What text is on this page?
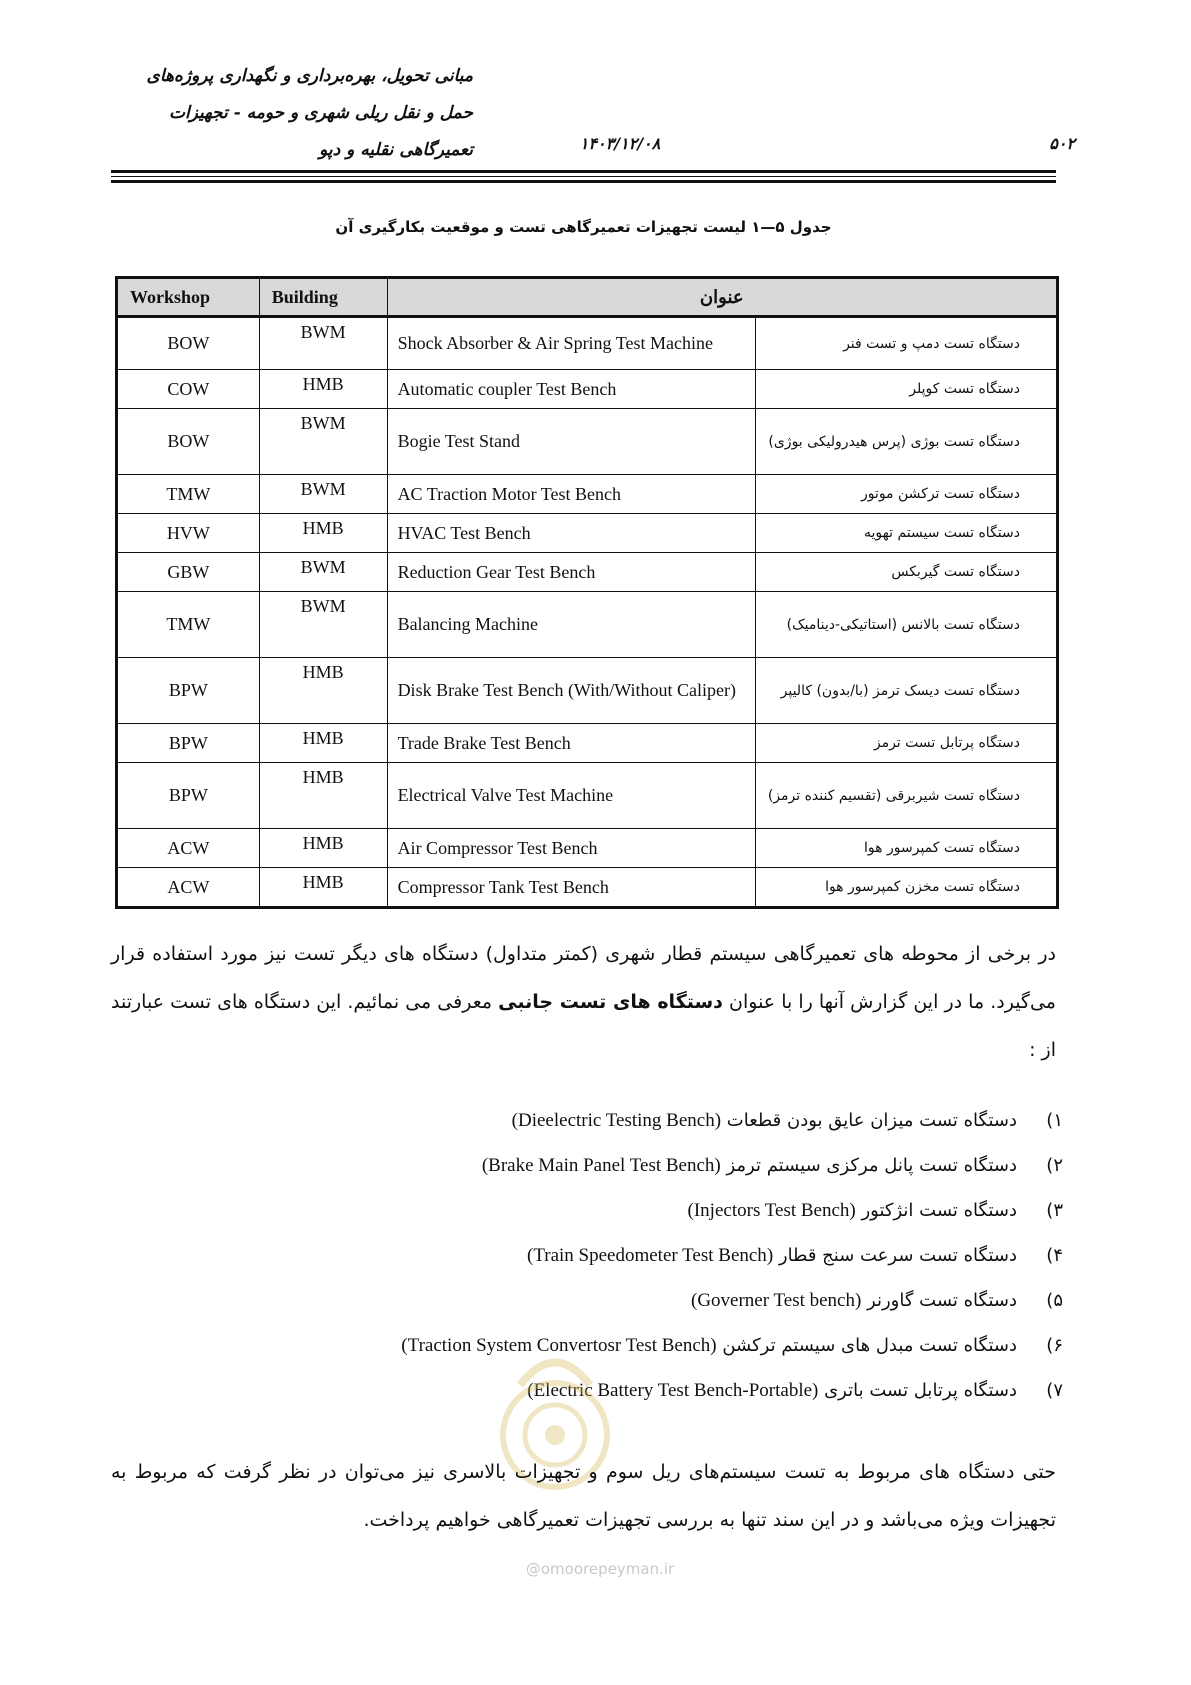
مبانی تحویل، بهره‌برداری و نگهداری پروژه‌های
حمل و نقل ریلی شهری و حومه - تجهیزات
تعمیرگاهی نقلیه و دپو	۱۴۰۳/۱۲/۰۸	۵۰۲
جدول ۵—۱ لیست تجهیزات تعمیرگاهی تست و موقعیت بکارگیری آن
Workshop	Building	عنوان	
BOW	BWM	Shock Absorber & Air Spring Test Machine	دستگاه تست دمپ و تست فنر
COW	HMB	Automatic coupler Test Bench	دستگاه تست کوپلر
BOW	BWM	Bogie Test Stand	دستگاه تست بوژی (پرس هیدرولیکی بوژی)
TMW	BWM	AC Traction Motor Test Bench	دستگاه تست ترکشن موتور
HVW	HMB	HVAC Test Bench	دستگاه تست سیستم تهویه
GBW	BWM	Reduction Gear Test Bench	دستگاه تست گیربکس
TMW	BWM	Balancing Machine	دستگاه تست بالانس (استاتیکی-دینامیک)
BPW	HMB	Disk Brake Test Bench (With/Without Caliper)	دستگاه تست دیسک ترمز (با/بدون) کالیپر
BPW	HMB	Trade Brake Test Bench	دستگاه پرتابل تست ترمز
BPW	HMB	Electrical Valve Test Machine	دستگاه تست شیربرقی (تقسیم کننده ترمز)
ACW	HMB	Air Compressor Test Bench	دستگاه تست کمپرسور هوا
ACW	HMB	Compressor Tank Test Bench	دستگاه تست مخزن کمپرسور هوا
در برخی از محوطه های تعمیرگاهی سیستم قطار شهری (کمتر متداول) دستگاه های دیگر تست نیز مورد استفاده قرار می‌گیرد. ما در این گزارش آنها را با عنوان دستگاه های تست جانبی معرفی می نمائیم. این دستگاه های تست عبارتند از :
۱)دستگاه تست میزان عایق بودن قطعات (Dieelectric Testing Bench)
۲)دستگاه تست پانل مرکزی سیستم ترمز (Brake Main Panel Test Bench)
۳)دستگاه تست انژکتور (Injectors Test Bench)
۴)دستگاه تست سرعت سنج قطار (Train Speedometer Test Bench)
۵)دستگاه تست گاورنر (Governer Test bench)
۶)دستگاه تست مبدل های سیستم ترکشن (Traction System Convertosr Test Bench)
۷)دستگاه پرتابل تست باتری (Electric Battery Test Bench-Portable)
@omoorepeyman.ir
حتی دستگاه های مربوط به تست سیستم‌های ریل سوم و تجهیزات بالاسری نیز می‌توان در نظر گرفت که مربوط به تجهیزات ویژه می‌باشد و در این سند تنها به بررسی تجهیزات تعمیرگاهی خواهیم پرداخت.
